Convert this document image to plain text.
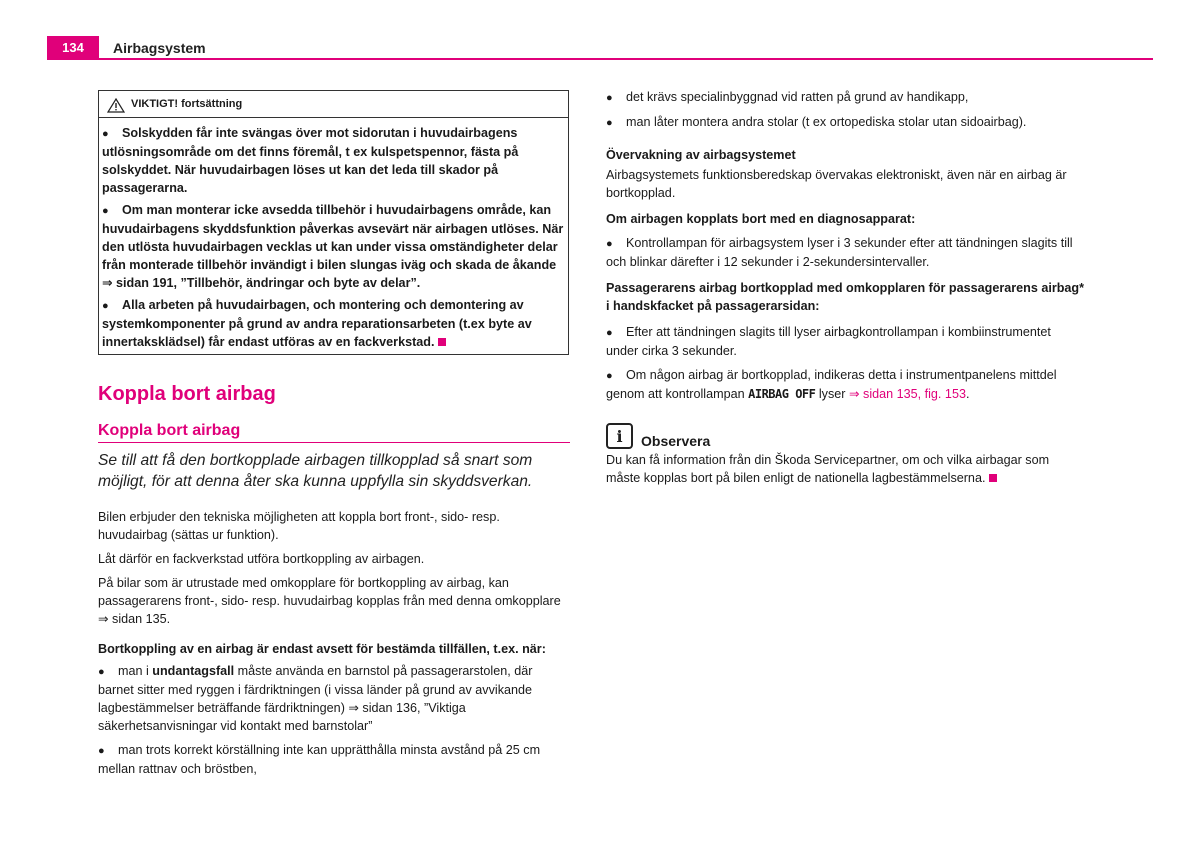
134	Airbagsystem
VIKTIGT! fortsättning

●Solskydden får inte svängas över mot sidorutan i huvudairbagens utlösningsområde om det finns föremål, t ex kulspetspennor, fästa på solskyddet. När huvudairbagen löses ut kan det leda till skador på passagerarna.

●Om man monterar icke avsedda tillbehör i huvudairbagens område, kan huvudairbagens skyddsfunktion påverkas avsevärt när airbagen utlöses. När den utlösta huvudairbagen vecklas ut kan under vissa omständigheter delar från monterade tillbehör invändigt i bilen slungas iväg och skada de åkande ⇒ sidan 191, ”Tillbehör, ändringar och byte av delar”.

●Alla arbeten på huvudairbagen, och montering och demontering av systemkomponenter på grund av andra reparationsarbeten (t.ex byte av innertaksklädsel) får endast utföras av en fackverkstad.

Koppla bort airbag
Koppla bort airbag
Se till att få den bortkopplade airbagen tillkopplad så snart som möjligt, för att denna åter ska kunna uppfylla sin skyddsverkan.

Bilen erbjuder den tekniska möjligheten att koppla bort front-, sido- resp. huvudairbag (sättas ur funktion).

Låt därför en fackverkstad utföra bortkoppling av airbagen.

På bilar som är utrustade med omkopplare för bortkoppling av airbag, kan passagerarens front-, sido- resp. huvudairbag kopplas från med denna omkopplare
⇒ sidan 135.

Bortkoppling av en airbag är endast avsett för bestämda tillfällen, t.ex. när:

●man i undantagsfall måste använda en barnstol på passagerarstolen, där barnet sitter med ryggen i färdriktningen (i vissa länder på grund av avvikande lagbestämmelser beträffande färdriktningen) ⇒ sidan 136, ”Viktiga säkerhetsanvisningar vid kontakt med barnstolar”

●man trots korrekt körställning inte kan upprätthålla minsta avstånd på 25 cm mellan rattnav och bröstben,

●det krävs specialinbyggnad vid ratten på grund av handikapp,

●man låter montera andra stolar (t ex ortopediska stolar utan sidoairbag).

Övervakning av airbagsystemet

Airbagsystemets funktionsberedskap övervakas elektroniskt, även när en airbag är bortkopplad.

Om airbagen kopplats bort med en diagnosapparat:

●Kontrollampan för airbagsystem lyser i 3 sekunder efter att tändningen slagits till och blinkar därefter i 12 sekunder i 2-sekundersintervaller.

Passagerarens airbag bortkopplad med omkopplaren för passagerarens airbag* i handskfacket på passagerarsidan:

●Efter att tändningen slagits till lyser airbagkontrollampan i kombiinstrumentet under cirka 3 sekunder.

●Om någon airbag är bortkopplad, indikeras detta i instrumentpanelens mittdel genom att kontrollampan AIRBAG OFF lyser ⇒ sidan 135, fig. 153.

i	Observera

Du kan få information från din Škoda Servicepartner, om och vilka airbagar som måste kopplas bort på bilen enligt de nationella lagbestämmelserna.
